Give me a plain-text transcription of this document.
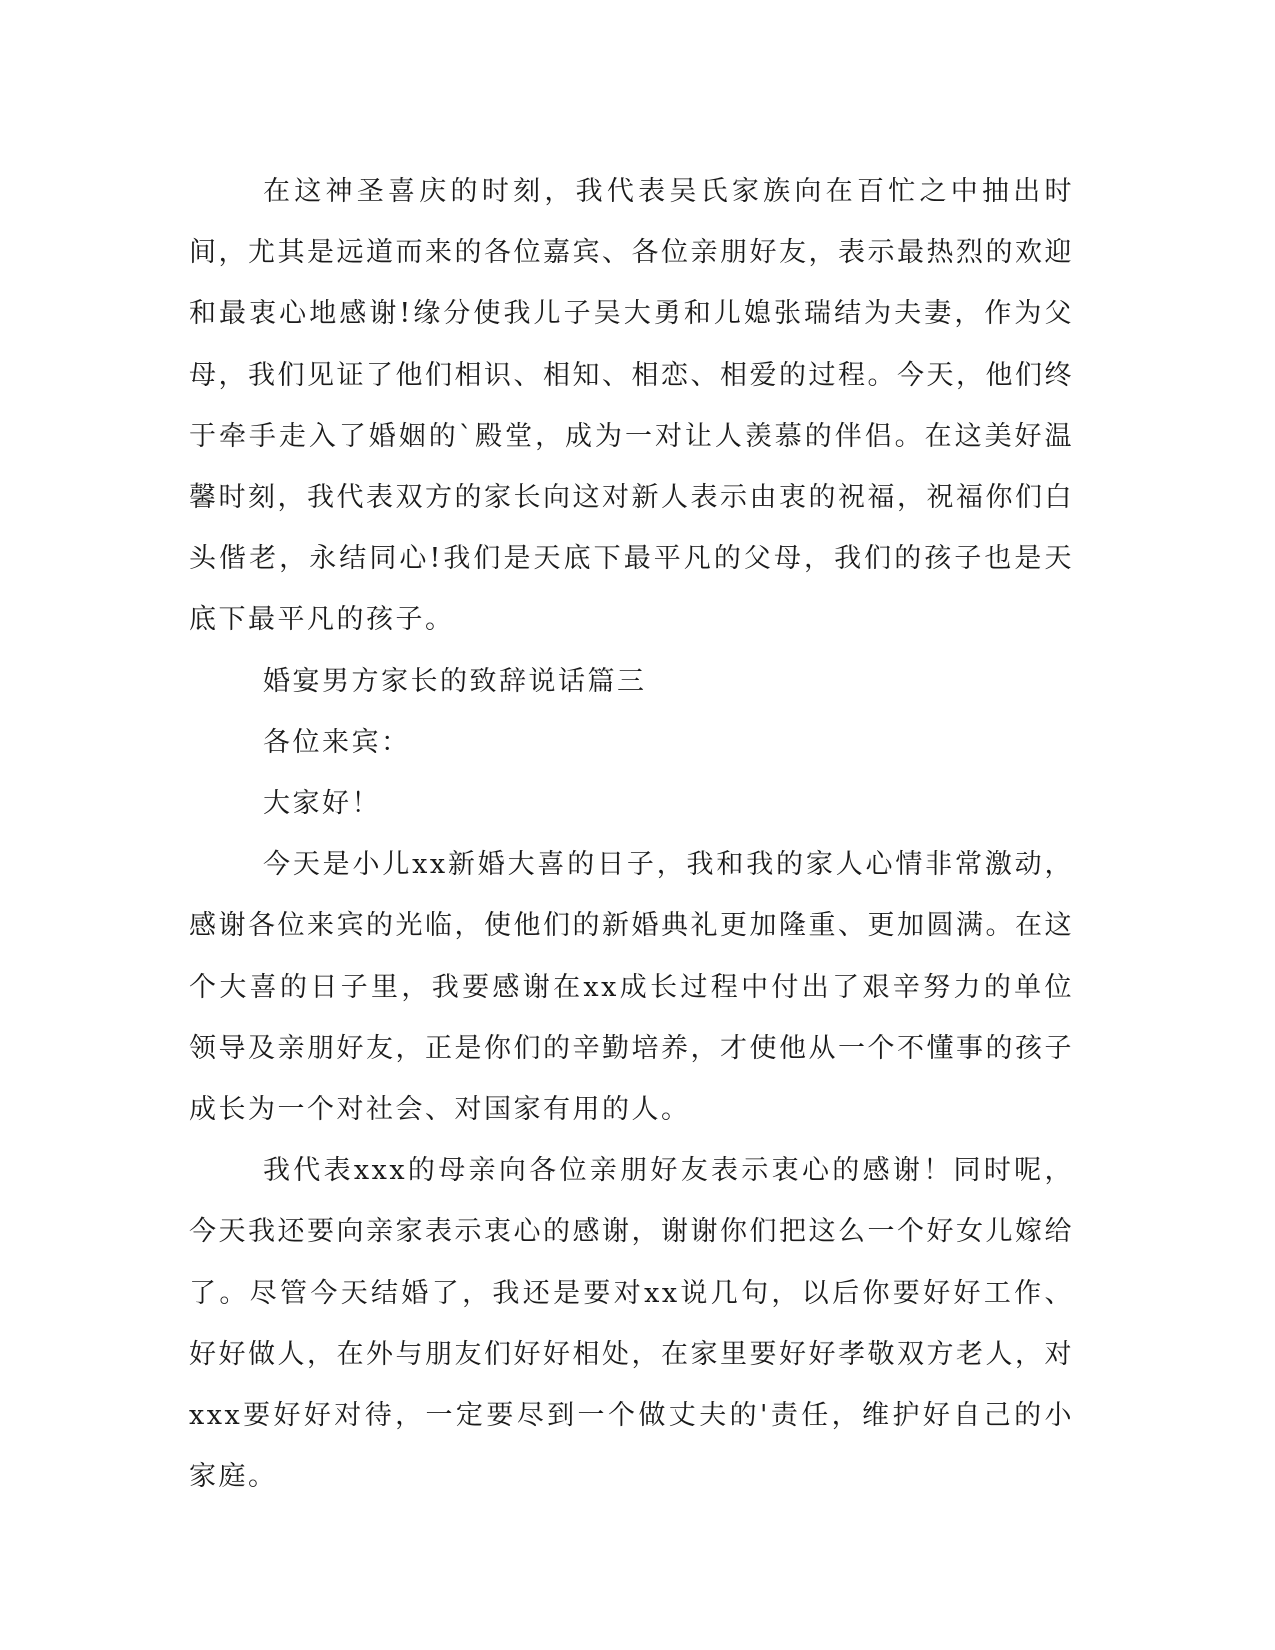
在这神圣喜庆的时刻，我代表吴氏家族向在百忙之中抽出时间，尤其是远道而来的各位嘉宾、各位亲朋好友，表示最热烈的欢迎和最衷心地感谢!缘分使我儿子吴大勇和儿媳张瑞结为夫妻，作为父母，我们见证了他们相识、相知、相恋、相爱的过程。今天，他们终于牵手走入了婚姻的`殿堂，成为一对让人羡慕的伴侣。在这美好温馨时刻，我代表双方的家长向这对新人表示由衷的祝福，祝福你们白头偕老，永结同心!我们是天底下最平凡的父母，我们的孩子也是天底下最平凡的孩子。

婚宴男方家长的致辞说话篇三

各位来宾：

大家好！

今天是小儿xx新婚大喜的日子，我和我的家人心情非常激动，感谢各位来宾的光临，使他们的新婚典礼更加隆重、更加圆满。在这个大喜的日子里，我要感谢在xx成长过程中付出了艰辛努力的单位领导及亲朋好友，正是你们的辛勤培养，才使他从一个不懂事的孩子成长为一个对社会、对国家有用的人。

我代表xxx的母亲向各位亲朋好友表示衷心的感谢！同时呢，今天我还要向亲家表示衷心的感谢，谢谢你们把这么一个好女儿嫁给了。尽管今天结婚了，我还是要对xx说几句，以后你要好好工作、好好做人，在外与朋友们好好相处，在家里要好好孝敬双方老人，对xxx要好好对待，一定要尽到一个做丈夫的'责任，维护好自己的小家庭。
